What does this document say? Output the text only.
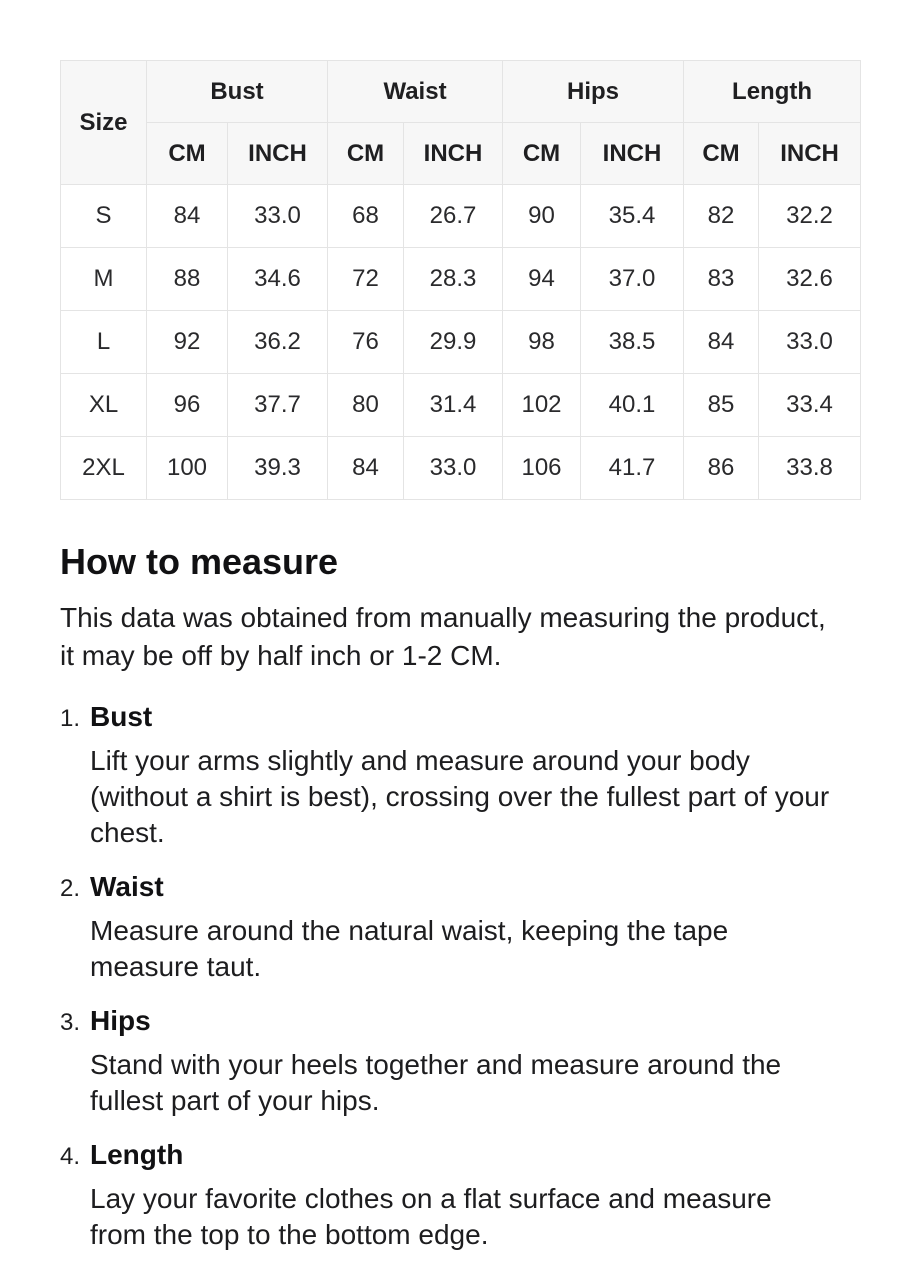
Size	Bust		Waist		Hips		Length	
	CM	INCH	CM	INCH	CM	INCH	CM	INCH
S	84	33.0	68	26.7	90	35.4	82	32.2
M	88	34.6	72	28.3	94	37.0	83	32.6
L	92	36.2	76	29.9	98	38.5	84	33.0
XL	96	37.7	80	31.4	102	40.1	85	33.4
2XL	100	39.3	84	33.0	106	41.7	86	33.8
How to measure

This data was obtained from manually measuring the product, it may be off by half inch or 1-2 CM.

1. Bust

Lift your arms slightly and measure around your body (without a shirt is best), crossing over the fullest part of your chest.

2. Waist

Measure around the natural waist, keeping the tape measure taut.

3. Hips

Stand with your heels together and measure around the fullest part of your hips.

4. Length

Lay your favorite clothes on a flat surface and measure from the top to the bottom edge.
